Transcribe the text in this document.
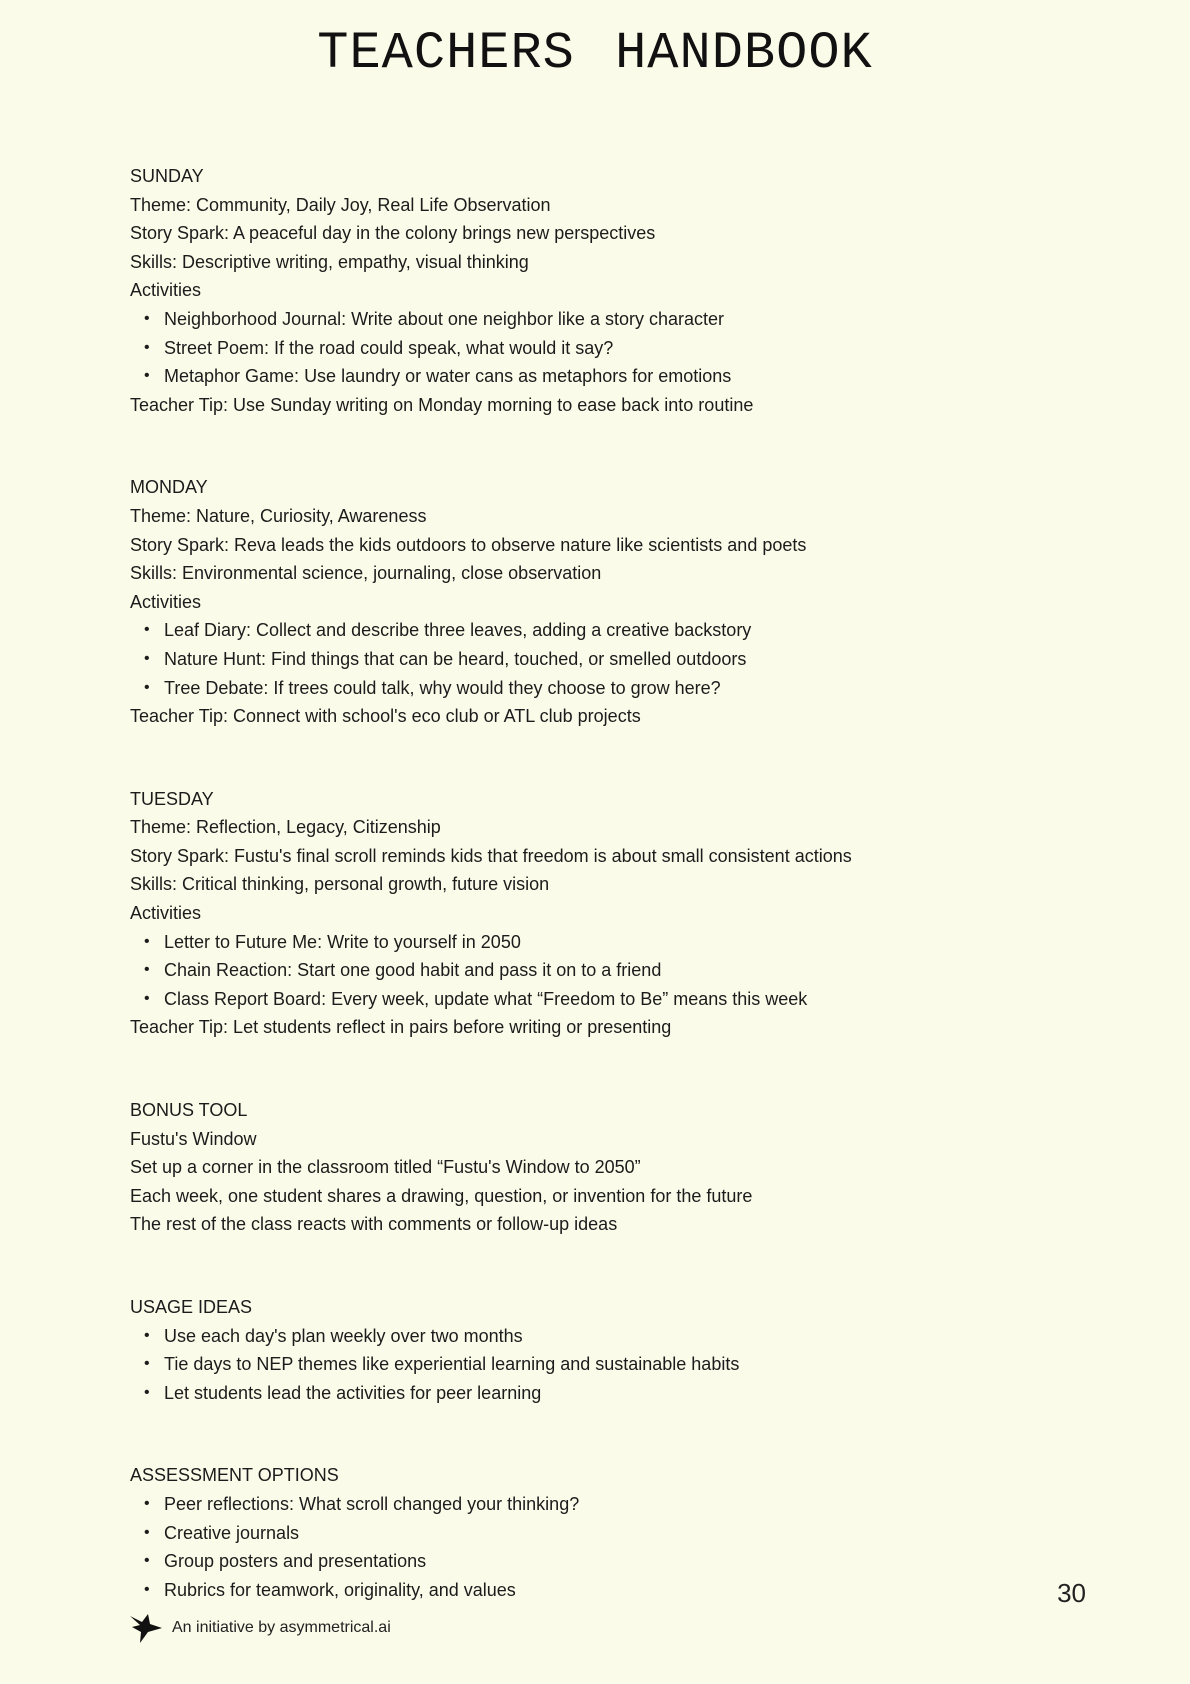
TEACHERS HANDBOOK
SUNDAY
Theme: Community, Daily Joy, Real Life Observation
Story Spark: A peaceful day in the colony brings new perspectives
Skills: Descriptive writing, empathy, visual thinking
Activities
• Neighborhood Journal: Write about one neighbor like a story character
• Street Poem: If the road could speak, what would it say?
• Metaphor Game: Use laundry or water cans as metaphors for emotions
Teacher Tip: Use Sunday writing on Monday morning to ease back into routine
MONDAY
Theme: Nature, Curiosity, Awareness
Story Spark: Reva leads the kids outdoors to observe nature like scientists and poets
Skills: Environmental science, journaling, close observation
Activities
• Leaf Diary: Collect and describe three leaves, adding a creative backstory
• Nature Hunt: Find things that can be heard, touched, or smelled outdoors
• Tree Debate: If trees could talk, why would they choose to grow here?
Teacher Tip: Connect with school's eco club or ATL club projects
TUESDAY
Theme: Reflection, Legacy, Citizenship
Story Spark: Fustu's final scroll reminds kids that freedom is about small consistent actions
Skills: Critical thinking, personal growth, future vision
Activities
• Letter to Future Me: Write to yourself in 2050
• Chain Reaction: Start one good habit and pass it on to a friend
• Class Report Board: Every week, update what “Freedom to Be” means this week
Teacher Tip: Let students reflect in pairs before writing or presenting
BONUS TOOL
Fustu's Window
Set up a corner in the classroom titled “Fustu's Window to 2050”
Each week, one student shares a drawing, question, or invention for the future
The rest of the class reacts with comments or follow-up ideas
USAGE IDEAS
• Use each day's plan weekly over two months
• Tie days to NEP themes like experiential learning and sustainable habits
• Let students lead the activities for peer learning
ASSESSMENT OPTIONS
• Peer reflections: What scroll changed your thinking?
• Creative journals
• Group posters and presentations
• Rubrics for teamwork, originality, and values	30
An initiative by asymmetrical.ai
